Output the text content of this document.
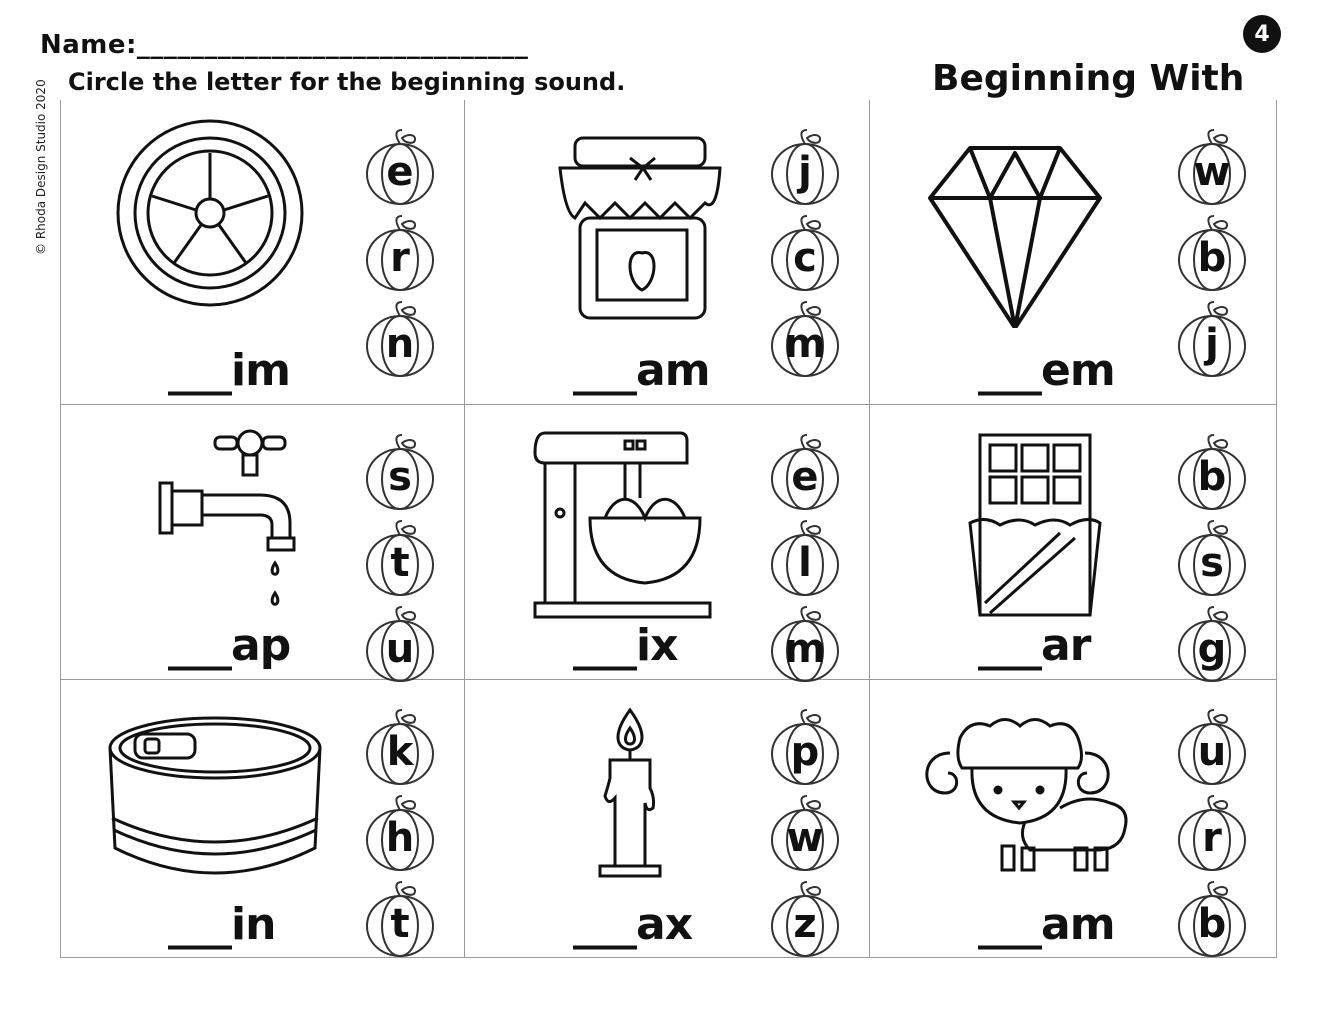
Name:_____________________________
Circle the letter for the beginning sound.	Beginning With
4
© Rhoda Design Studio 2020
___im
e
r
n
___am
j
c
m
___em
w
b
j
___ap
s
t
u	___ix
e
l
m	___ar
b
s
g
___in
k
h
t	___ax
p
w
z	___am
u
r
b
